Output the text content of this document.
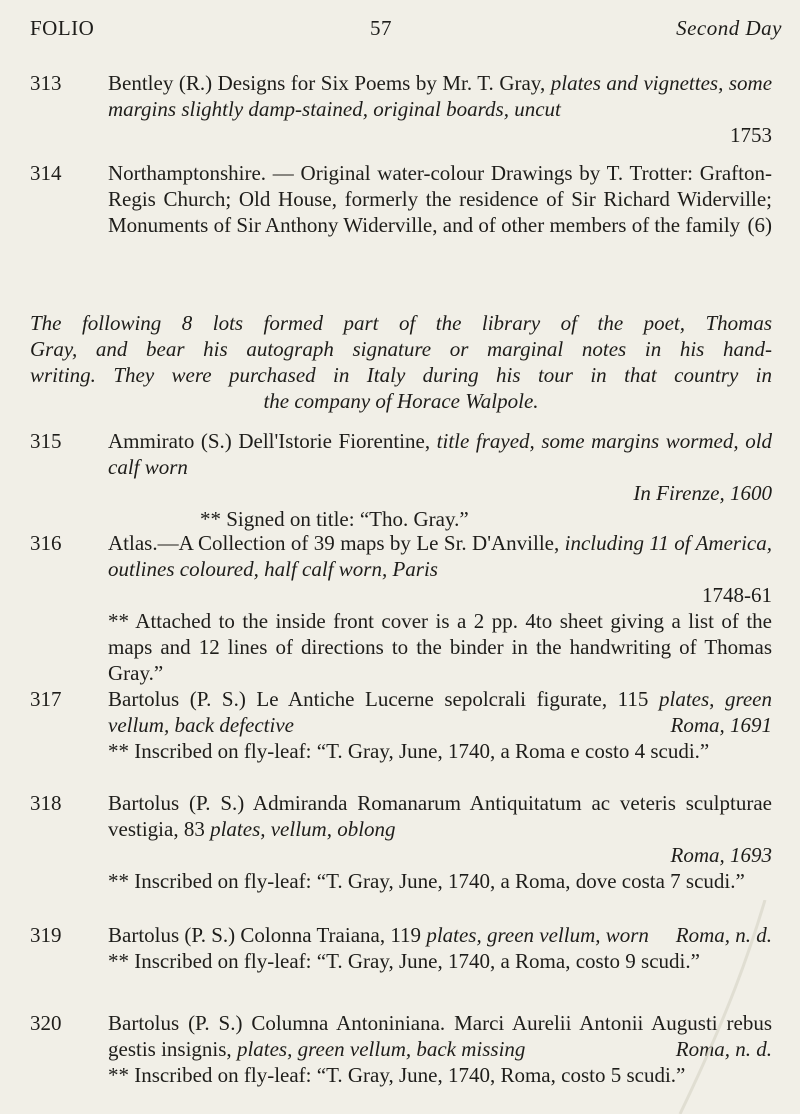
FOLIO	57	Second Day
313	Bentley (R.) Designs for Six Poems by Mr. T. Gray, plates and vignettes, some margins slightly damp-stained, original boards, uncut

1753
314	Northamptonshire. — Original water-colour Drawings by T. Trotter: Grafton-Regis Church; Old House, formerly the residence of Sir Richard Widerville; Monuments of Sir Anthony Widerville, and of other members of the family (6)

The following 8 lots formed part of the library of the poet, Thomas
Gray, and bear his autograph signature or marginal notes in his hand-
writing. They were purchased in Italy during his tour in that country in
the company of Horace Walpole.
315	Ammirato (S.) Dell'Istorie Fiorentine, title frayed, some margins wormed, old calf worn

In Firenze, 1600
** Signed on title: “Tho. Gray.”
316	Atlas.—A Collection of 39 maps by Le Sr. D'Anville, including 11 of America, outlines coloured, half calf worn, Paris

1748-61

** Attached to the inside front cover is a 2 pp. 4to sheet giving a list of the maps and 12 lines of directions to the binder in the handwriting of Thomas Gray.”

317	Bartolus (P. S.) Le Antiche Lucerne sepolcrali figurate, 115 plates, green vellum, back defective	Roma, 1691

** Inscribed on fly-leaf: “T. Gray, June, 1740, a Roma e costo 4 scudi.”

318	Bartolus (P. S.) Admiranda Romanarum Antiquitatum ac veteris sculpturae vestigia, 83 plates, vellum, oblong

Roma, 1693

** Inscribed on fly-leaf: “T. Gray, June, 1740, a Roma, dove costa 7 scudi.”

319	Bartolus (P. S.) Colonna Traiana, 119 plates, green vellum, worn Roma, n. d.

** Inscribed on fly-leaf: “T. Gray, June, 1740, a Roma, costo 9 scudi.”

320	Bartolus (P. S.) Columna Antoniniana. Marci Aurelii Antonii Augusti rebus gestis insignis, plates, green vellum, back missing	Roma, n. d.

** Inscribed on fly-leaf: “T. Gray, June, 1740, Roma, costo 5 scudi.”
